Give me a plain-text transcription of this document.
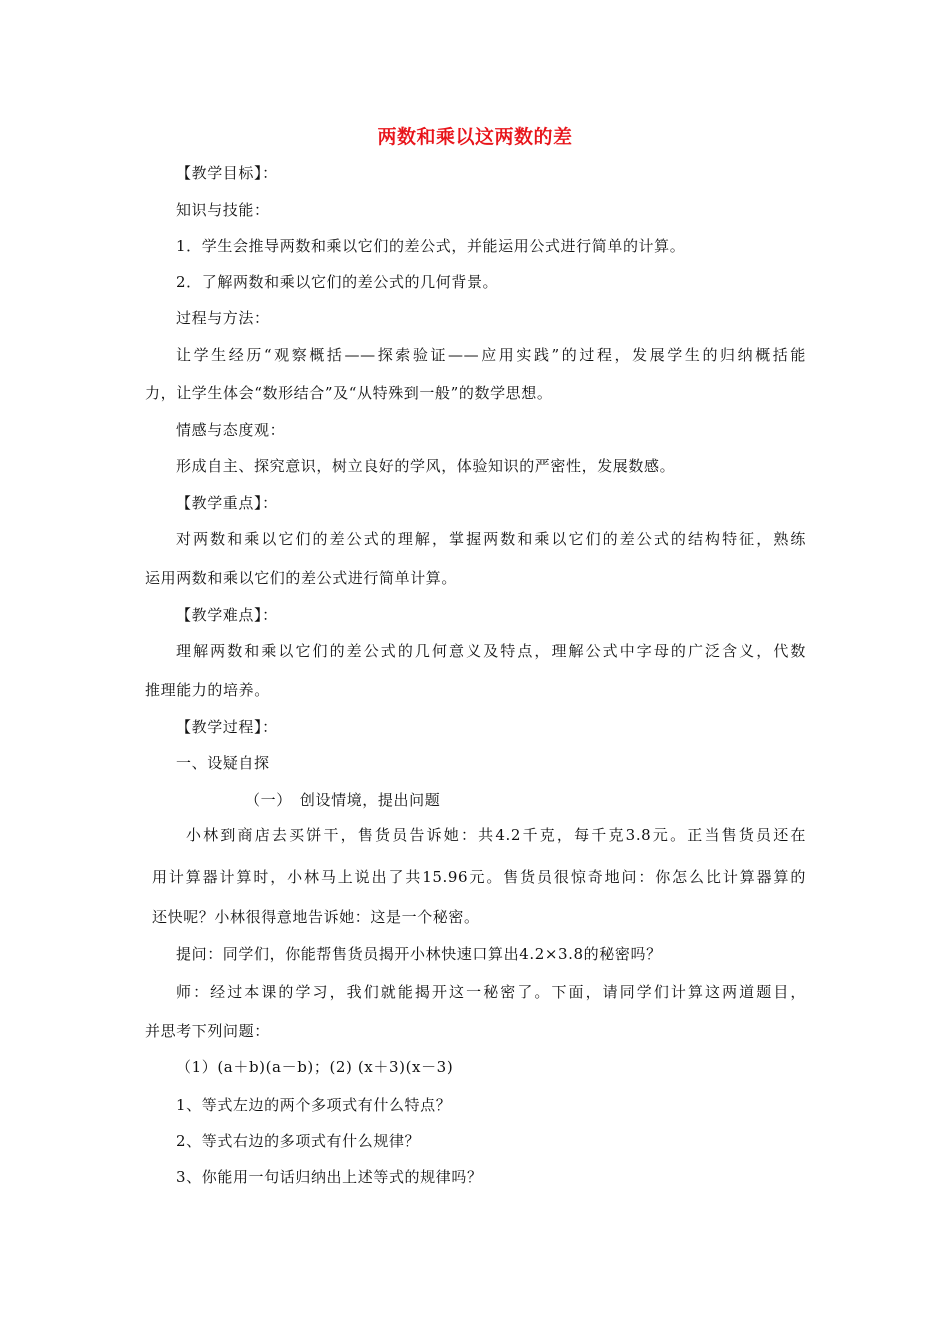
两数和乘以这两数的差
【教学目标】：
知识与技能：
1．学生会推导两数和乘以它们的差公式，并能运用公式进行简单的计算。
2．了解两数和乘以它们的差公式的几何背景。
过程与方法：
让学生经历“观察概括——探索验证——应用实践”的过程，发展学生的归纳概括能
力，让学生体会“数形结合”及“从特殊到一般”的数学思想。
情感与态度观：
形成自主、探究意识，树立良好的学风，体验知识的严密性，发展数感。
【教学重点】：
对两数和乘以它们的差公式的理解，掌握两数和乘以它们的差公式的结构特征，熟练
运用两数和乘以它们的差公式进行简单计算。
【教学难点】：
理解两数和乘以它们的差公式的几何意义及特点，理解公式中字母的广泛含义，代数
推理能力的培养。
【教学过程】：
一、设疑自探
（一）　创设情境，提出问题
小林到商店去买饼干，售货员告诉她：共4.2千克，每千克3.8元。正当售货员还在
用计算器计算时，小林马上说出了共15.96元。售货员很惊奇地问：你怎么比计算器算的
还快呢？小林很得意地告诉她：这是一个秘密。
提问：同学们，你能帮售货员揭开小林快速口算出4.2×3.8的秘密吗？
师：经过本课的学习，我们就能揭开这一秘密了。下面，请同学们计算这两道题目，
并思考下列问题：
（1）(a＋b)(a－b)；(2) (x＋3)(x－3)
1、等式左边的两个多项式有什么特点？
2、等式右边的多项式有什么规律？
3、你能用一句话归纳出上述等式的规律吗？
